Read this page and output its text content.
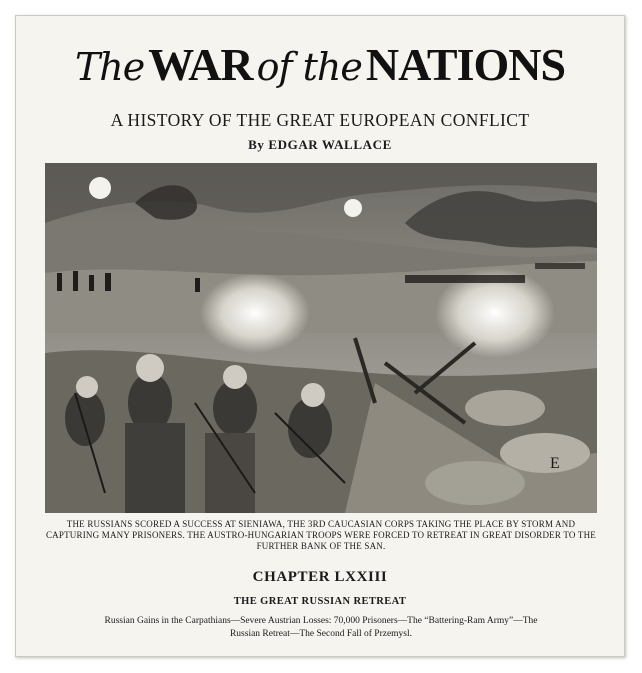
The WAR of the NATIONS
A HISTORY OF THE GREAT EUROPEAN CONFLICT
By EDGAR WALLACE
E
THE RUSSIANS SCORED A SUCCESS AT SIENIAWA, THE 3RD CAUCASIAN CORPS TAKING THE PLACE BY STORM AND CAPTURING MANY PRISONERS. THE AUSTRO-HUNGARIAN TROOPS WERE FORCED TO RETREAT IN GREAT DISORDER TO THE FURTHER BANK OF THE SAN.
CHAPTER LXXIII
THE GREAT RUSSIAN RETREAT
Russian Gains in the Carpathians—Severe Austrian Losses: 70,000 Prisoners—The “Battering-Ram Army”—The Russian Retreat—The Second Fall of Przemysl.
